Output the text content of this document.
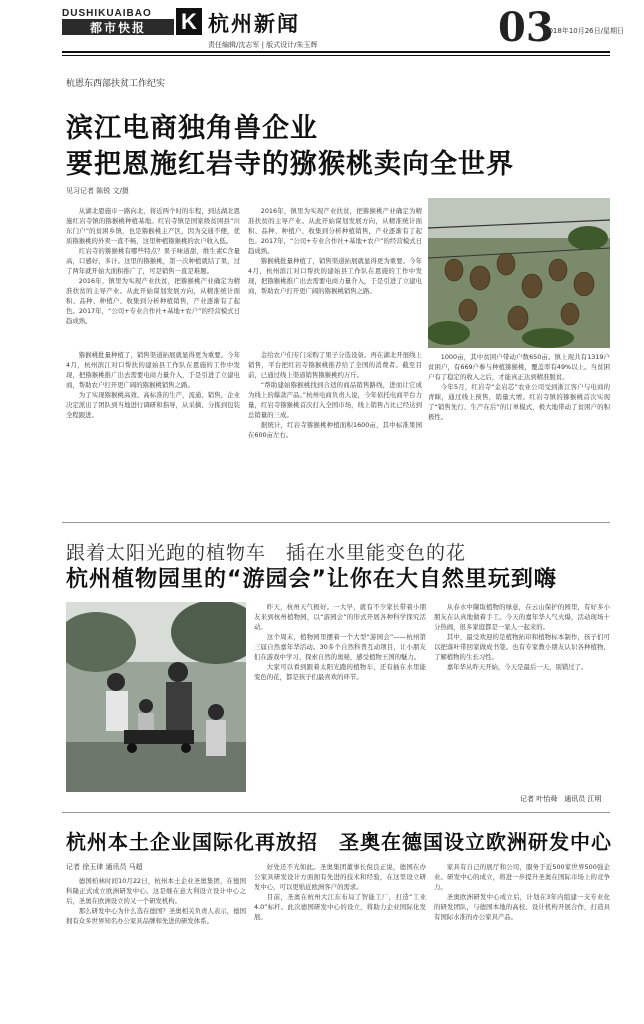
DUSHIKUAIBAO
都市快报	K 杭州新闻
责任编辑/沈志军 | 版式设计/朱玉辉	03
2018年10月26日/星期日
杭恩东西部扶贫工作纪实
滨江电商独角兽企业
要把恩施红岩寺的猕猴桃卖向全世界
见习记者 陈锐 文/摄

从湖北恩施市一路向北，将近两个时的车程，到达湖北恩施红岩寺镇的猕猴桃种植基地。红岩寺镇是国家级贫困县“川东门户”的贫困乡镇，也是猕猴桃主产区，因为交通不便，优质猕猴桃的外卖一直不畅，这里种植猕猴桃的农户收入低。

红岩寺的猕猴桃有哪些特点？果子味道甜，维生素C含量高，口感好，多汁。这里的猕猴桃，第一次种植就结了果，过了两年就开始大面积推广了，可是销售一直是难题。

2016年，镇里为实现产业扶贫，把猕猴桃产业确定为精准扶贫的主导产业。从此开始谋划发展方向，从精准统计面积、品种、种植户、收集到分析种植销售，产业逐渐有了起色。2017年，“公司+专业合作社+基地+农户”的经营模式日趋成熟。

2016年，镇里为实现产业扶贫，把猕猴桃产业确定为精准扶贫的主导产业。从此开始谋划发展方向，从精准统计面积、品种、种植户、收集到分析种植销售，产业逐渐有了起色。2017年，“公司+专业合作社+基地+农户”的经营模式日趋成熟。

猕猴桃批量种植了，销售渠道拓展就显得更为重要。今年4月，杭州滨江对口帮扶的建始县工作队在恩施的工作中发现，把猕猴桃推广出去需要电商力量介入，于是引进了立建电商，帮助农户打开更广阔的猕猴桃销售之路。

猕猴桃批量种植了，销售渠道拓展就显得更为重要。今年4月，杭州滨江对口帮扶的建始县工作队在恩施的工作中发现，把猕猴桃推广出去需要电商力量介入，于是引进了立建电商，帮助农户打开更广阔的猕猴桃销售之路。

为了实现猕猴桃高效、高标准的生产，流通、销售，企业决定派出了团队到当地进行调研和指导，从采摘、分拣到包装全程跟进。

金给农户们专门采购了果子分选设备。再在湖北开展线上销售，平台把红岩寺猕猴桃推荐给了全国的消费者。截至目前，已通过线上渠道销售猕猴桃约万斤。

“帮助建始猕猴桃找到合适的商品销售路线，进而让它成为线上的爆款产品。”杭州电商负责人说，今年依托电商平台力量，红岩寺猕猴桃首次打入全国市场，线上销售占比已经达到总销量的三成。

据统计，红岩寺猕猴桃种植面积1600亩，其中标准果园在600亩左右。

1000亩，其中贫困户带动户数650亩。镇上现共有1319户贫困户，有669户参与种植猕猴桃，覆盖率有49%以上。当贫困户有了稳定的收入之后，才能真正达到精准脱贫。

今年5月，红岩寺“金岩芯”农业公司受到浙江客户与电商的青睐，通过线上预售，销量大增。红岩寺镇的猕猴桃首次实现了“销售先行、生产在后”的订单模式，极大地带动了贫困户的积极性。

跟着太阳光跑的植物车　插在水里能变色的花
杭州植物园里的“游园会”让你在大自然里玩到嗨

昨天，杭州天气极好。一大早，就有不少家长带着小朋友来到杭州植物园，以“游园会”的形式开展各种科学探究活动。

这个周末，植物园里摆着一个大型“游园会”——杭州第三届自然嘉年华活动。30多个自然科普互动项目，让小朋友们在游戏中学习、探索自然的奥秘，感受植物王国的魅力。

大家可以看到跟着太阳光跑的植物车，还有插在水里能变色的花，都是孩子们最喜欢的环节。

从春水中撷取植物的绿意，在云山保护的园里，有好多小朋友在认真地做着手工。今天的嘉年华人气火爆，活动现场十分热闹，很多家庭都是一家人一起来的。

其中，最受欢迎的是植物拓印和植物标本制作，孩子们可以把落叶带回家做成书签。也有专家教小朋友认识各种植物，了解植物的生长习性。

嘉年华从昨天开始，今天是最后一天，别错过了。

记者 叶怡舜　通讯员 江明
杭州本土企业国际化再放招　圣奥在德国设立欧洲研发中心
记者 徐玉律 通讯员 马超

德国柏林时间10月22日，杭州本土企业圣奥集团，在德国科隆正式成立欧洲研发中心。这是继在意大利设立设计中心之后，圣奥在欧洲设立的又一个研发机构。

那么研发中心为什么选在德国？圣奥相关负责人表示，德国拥有众多世界知名办公家具品牌和先进的研发体系。

好处还不光如此。圣奥集团董事长倪良正说，德国在办公家具研发设计方面拥有先进的技术和经验，在这里设立研发中心，可以更贴近欧洲客户的需求。

目前，圣奥在杭州大江东布局了智能工厂，打造“工业4.0”标杆。此次德国研发中心的设立，将助力企业国际化发展。

家具有自己的展厅和公司，服务于近500家世界500强企业。研发中心的成立，将进一步提升圣奥在国际市场上的竞争力。

圣奥欧洲研发中心成立后，计划在3年内组建一支专业化的研发团队，与德国本地的高校、设计机构开展合作，打造具有国际水准的办公家具产品。
